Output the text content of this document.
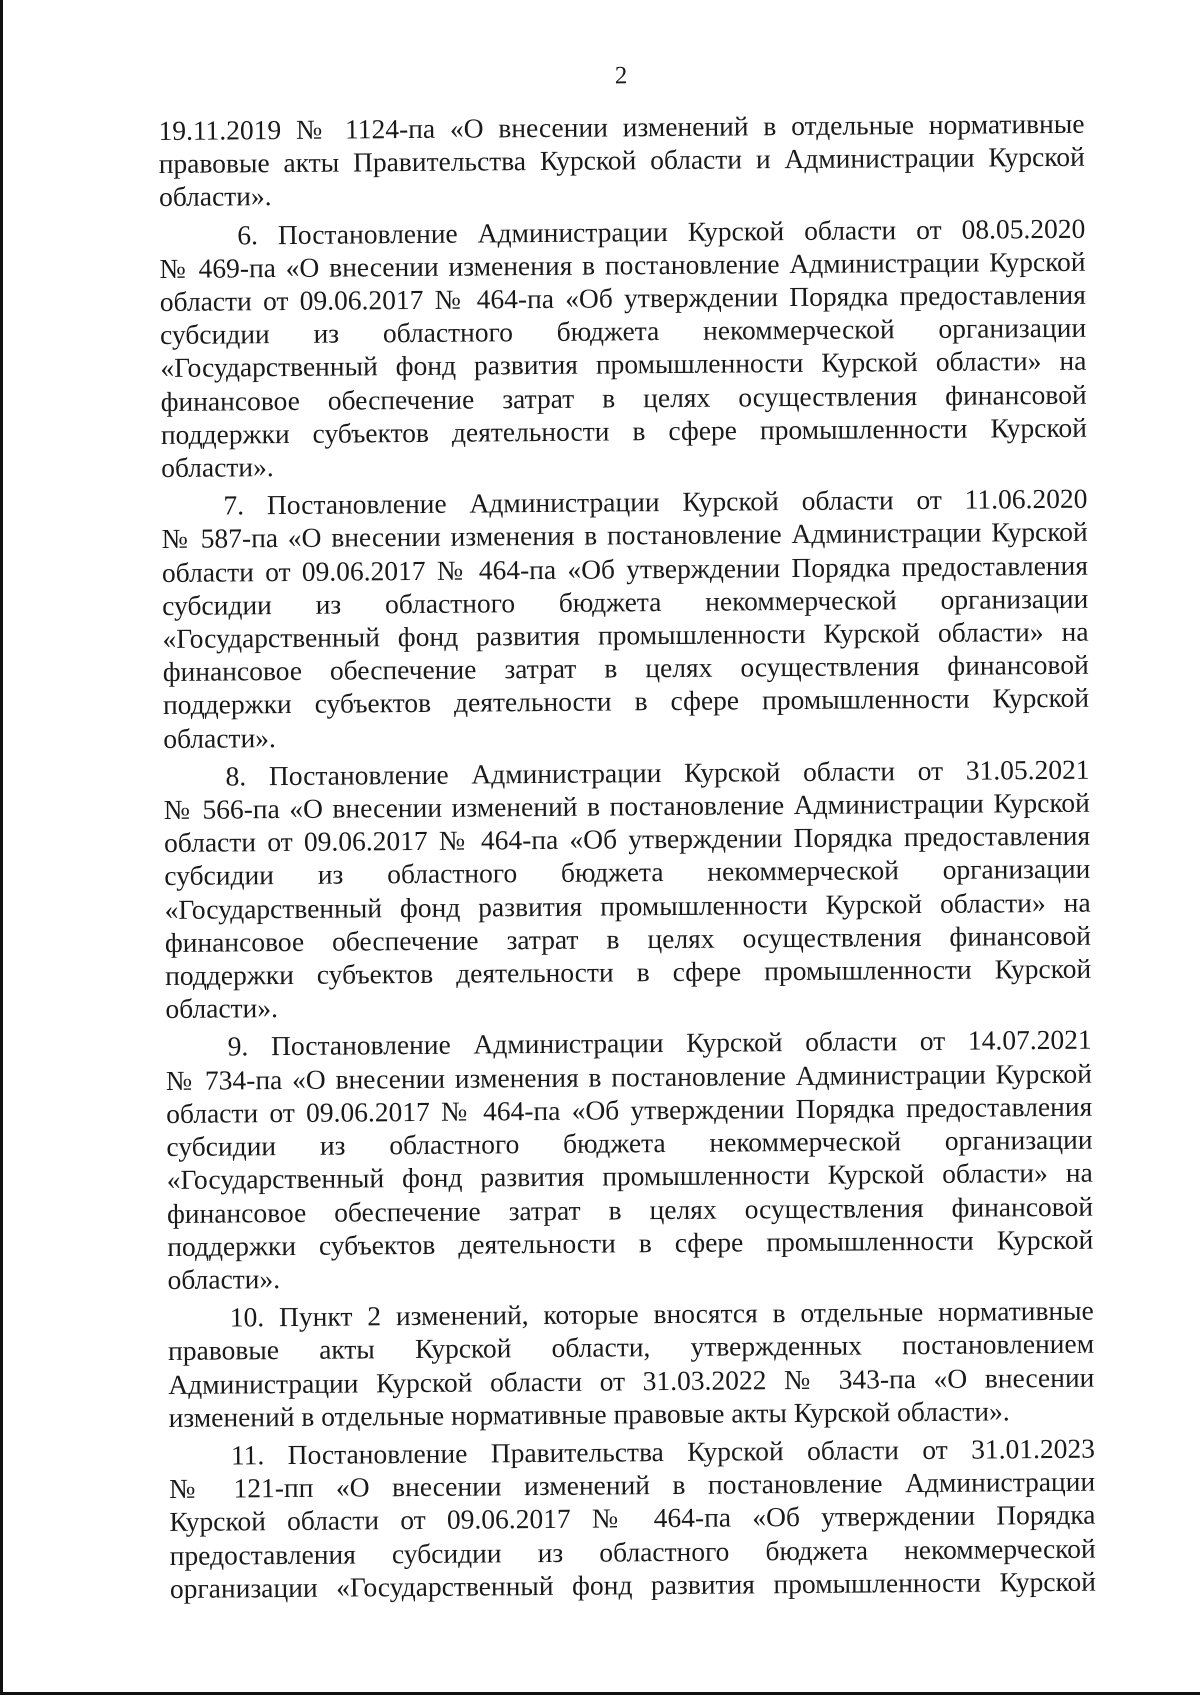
2

19.11.2019 № 1124-па «О внесении изменений в отдельные нормативные
правовые акты Правительства Курской области и Администрации Курской
области».

6. Постановление Администрации Курской области от 08.05.2020
№ 469-па «О внесении изменения в постановление Администрации Курской
области от 09.06.2017 № 464-па «Об утверждении Порядка предоставления
субсидии из областного бюджета некоммерческой организации
«Государственный фонд развития промышленности Курской области» на
финансовое обеспечение затрат в целях осуществления финансовой
поддержки субъектов деятельности в сфере промышленности Курской
области».

7. Постановление Администрации Курской области от 11.06.2020
№ 587-па «О внесении изменения в постановление Администрации Курской
области от 09.06.2017 № 464-па «Об утверждении Порядка предоставления
субсидии из областного бюджета некоммерческой организации
«Государственный фонд развития промышленности Курской области» на
финансовое обеспечение затрат в целях осуществления финансовой
поддержки субъектов деятельности в сфере промышленности Курской
области».

8. Постановление Администрации Курской области от 31.05.2021
№ 566-па «О внесении изменений в постановление Администрации Курской
области от 09.06.2017 № 464-па «Об утверждении Порядка предоставления
субсидии из областного бюджета некоммерческой организации
«Государственный фонд развития промышленности Курской области» на
финансовое обеспечение затрат в целях осуществления финансовой
поддержки субъектов деятельности в сфере промышленности Курской
области».

9. Постановление Администрации Курской области от 14.07.2021
№ 734-па «О внесении изменения в постановление Администрации Курской
области от 09.06.2017 № 464-па «Об утверждении Порядка предоставления
субсидии из областного бюджета некоммерческой организации
«Государственный фонд развития промышленности Курской области» на
финансовое обеспечение затрат в целях осуществления финансовой
поддержки субъектов деятельности в сфере промышленности Курской
области».

10. Пункт 2 изменений, которые вносятся в отдельные нормативные
правовые акты Курской области, утвержденных постановлением
Администрации Курской области от 31.03.2022 № 343-па «О внесении
изменений в отдельные нормативные правовые акты Курской области».

11. Постановление Правительства Курской области от 31.01.2023
№ 121-пп «О внесении изменений в постановление Администрации
Курской области от 09.06.2017 № 464-па «Об утверждении Порядка
предоставления субсидии из областного бюджета некоммерческой
организации «Государственный фонд развития промышленности Курской
